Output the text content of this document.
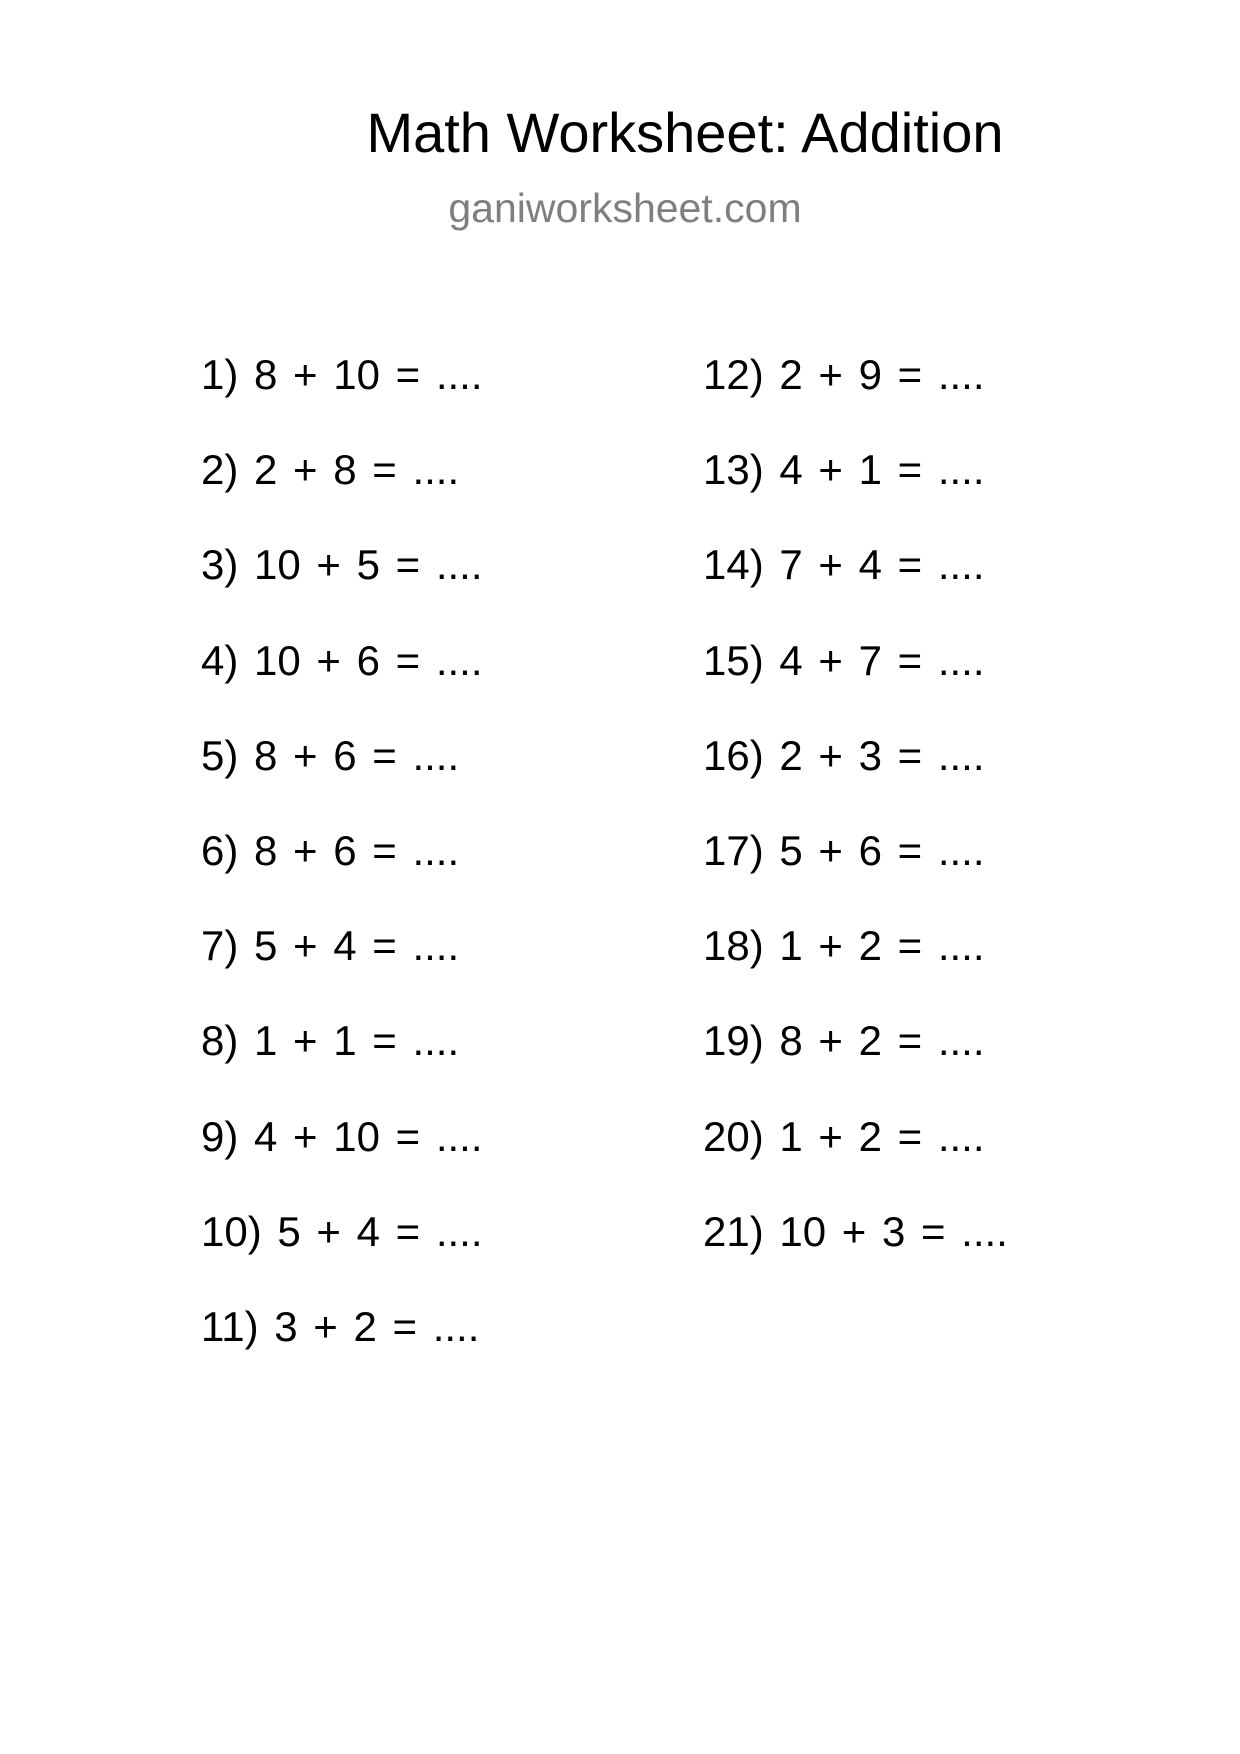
Math Worksheet: Addition
ganiworksheet.com
1) 8 + 10 = ....
2) 2 + 8 = ....
3) 10 + 5 = ....
4) 10 + 6 = ....
5) 8 + 6 = ....
6) 8 + 6 = ....
7) 5 + 4 = ....
8) 1 + 1 = ....
9) 4 + 10 = ....
10) 5 + 4 = ....
11) 3 + 2 = ....
12) 2 + 9 = ....
13) 4 + 1 = ....
14) 7 + 4 = ....
15) 4 + 7 = ....
16) 2 + 3 = ....
17) 5 + 6 = ....
18) 1 + 2 = ....
19) 8 + 2 = ....
20) 1 + 2 = ....
21) 10 + 3 = ....
